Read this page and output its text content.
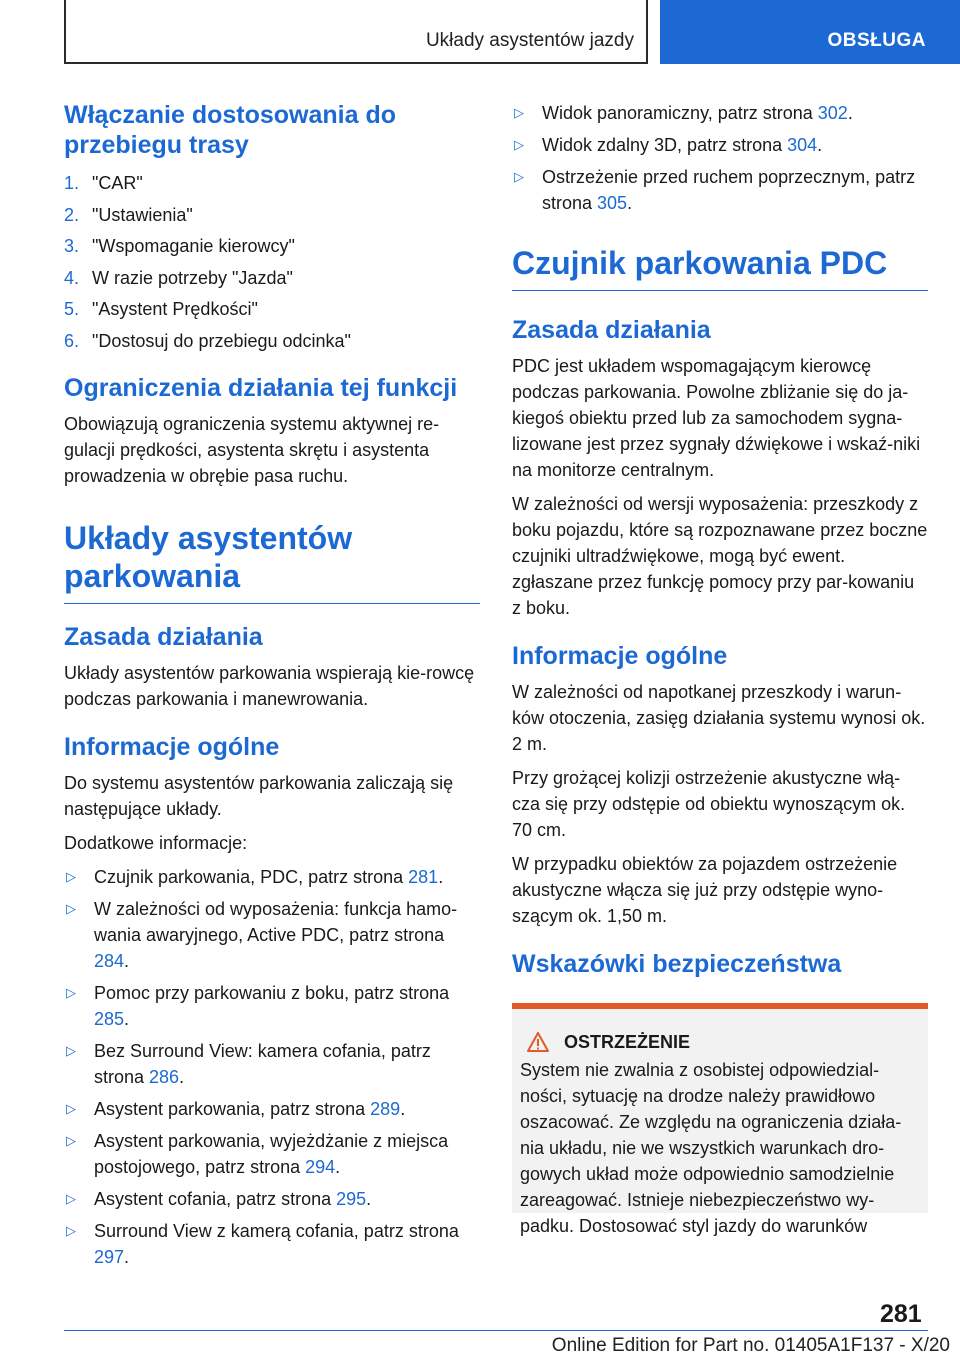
Układy asystentów jazdy	OBSŁUGA
Włączanie dostosowania do przebiegu trasy
1. "CAR"
2. "Ustawienia"
3. "Wspomaganie kierowcy"
4. W razie potrzeby "Jazda"
5. "Asystent Prędkości"
6. "Dostosuj do przebiegu odcinka"
Ograniczenia działania tej funkcji

Obowiązują ograniczenia systemu aktywnej re-gulacji prędkości, asystenta skrętu i asystenta prowadzenia w obrębie pasa ruchu.

Układy asystentów parkowania
Zasada działania

Układy asystentów parkowania wspierają kie-rowcę podczas parkowania i manewrowania.

Informacje ogólne

Do systemu asystentów parkowania zaliczają się następujące układy.

Dodatkowe informacje:

▷ Czujnik parkowania, PDC, patrz strona 281.
▷ W zależności od wyposażenia: funkcja hamo-wania awaryjnego, Active PDC, patrz strona 284.
▷ Pomoc przy parkowaniu z boku, patrz strona 285.
▷ Bez Surround View: kamera cofania, patrz strona 286.
▷ Asystent parkowania, patrz strona 289.
▷ Asystent parkowania, wyjeżdżanie z miejsca postojowego, patrz strona 294.
▷ Asystent cofania, patrz strona 295.
▷ Surround View z kamerą cofania, patrz strona 297.
▷ Widok panoramiczny, patrz strona 302.
▷ Widok zdalny 3D, patrz strona 304.
▷ Ostrzeżenie przed ruchem poprzecznym, patrz strona 305.
Czujnik parkowania PDC
Zasada działania

PDC jest układem wspomagającym kierowcę podczas parkowania. Powolne zbliżanie się do ja-kiegoś obiektu przed lub za samochodem sygna-lizowane jest przez sygnały dźwiękowe i wskaź-niki na monitorze centralnym.

W zależności od wersji wyposażenia: przeszkody z boku pojazdu, które są rozpoznawane przez boczne czujniki ultradźwiękowe, mogą być ewent. zgłaszane przez funkcję pomocy przy par-kowaniu z boku.

Informacje ogólne

W zależności od napotkanej przeszkody i warun-ków otoczenia, zasięg działania systemu wynosi ok. 2 m.

Przy grożącej kolizji ostrzeżenie akustyczne włą-cza się przy odstępie od obiektu wynoszącym ok. 70 cm.

W przypadku obiektów za pojazdem ostrzeżenie akustyczne włącza się już przy odstępie wyno-szącym ok. 1,50 m.

Wskazówki bezpieczeństwa
OSTRZEŻENIE

System nie zwalnia z osobistej odpowiedzial-ności, sytuację na drodze należy prawidłowo oszacować. Ze względu na ograniczenia działa-nia układu, nie we wszystkich warunkach dro-gowych układ może odpowiednio samodzielnie zareagować. Istnieje niebezpieczeństwo wy-padku. Dostosować styl jazdy do warunków

281
Online Edition for Part no. 01405A1F137 - X/20
